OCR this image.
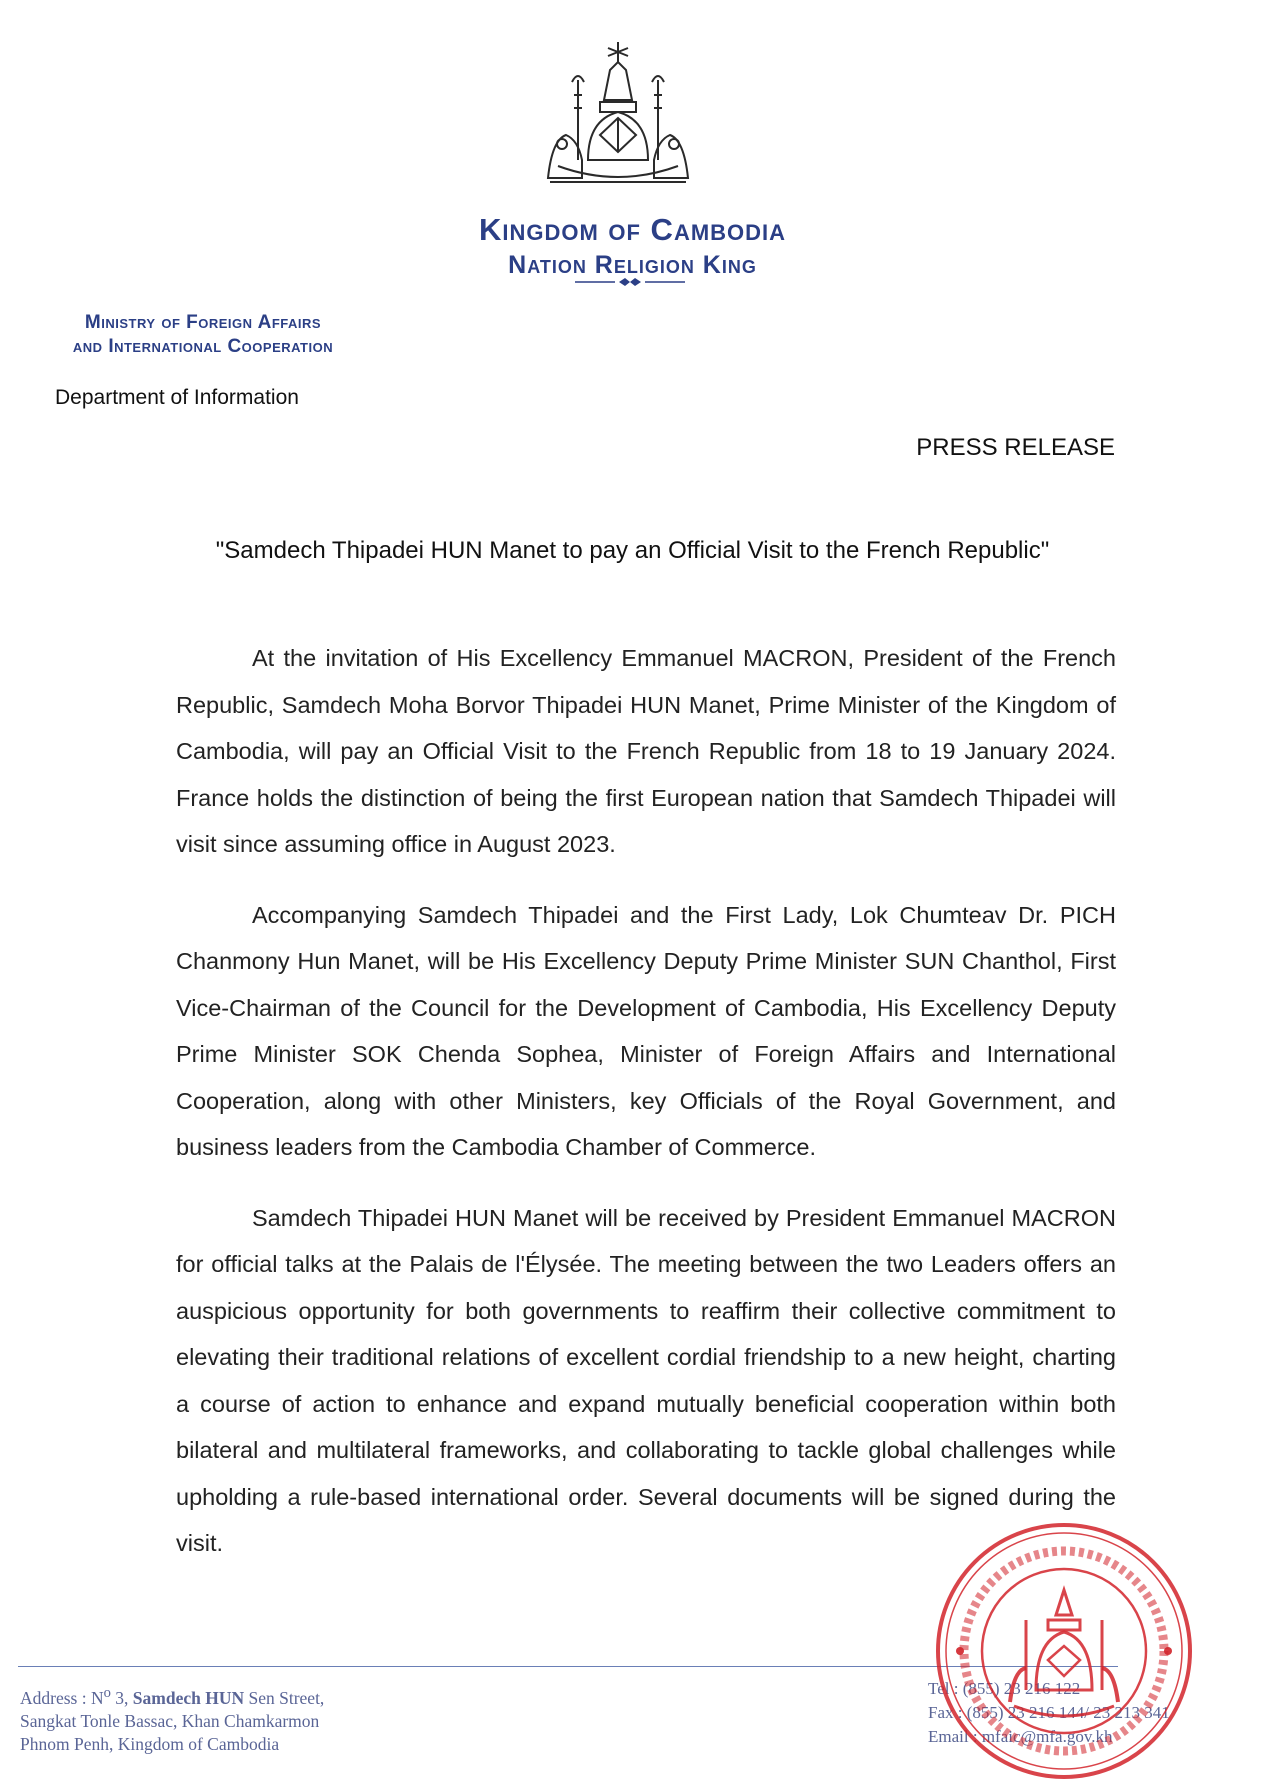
Kingdom of Cambodia
Nation Religion King
Ministry of Foreign Affairs
and International Cooperation
Department of Information
PRESS RELEASE
"Samdech Thipadei HUN Manet to pay an Official Visit to the French Republic"

At the invitation of His Excellency Emmanuel MACRON, President of the French Republic, Samdech Moha Borvor Thipadei HUN Manet, Prime Minister of the Kingdom of Cambodia, will pay an Official Visit to the French Republic from 18 to 19 January 2024. France holds the distinction of being the first European nation that Samdech Thipadei will visit since assuming office in August 2023.

Accompanying Samdech Thipadei and the First Lady, Lok Chumteav Dr. PICH Chanmony Hun Manet, will be His Excellency Deputy Prime Minister SUN Chanthol, First Vice-Chairman of the Council for the Development of Cambodia, His Excellency Deputy Prime Minister SOK Chenda Sophea, Minister of Foreign Affairs and International Cooperation, along with other Ministers, key Officials of the Royal Government, and business leaders from the Cambodia Chamber of Commerce.

Samdech Thipadei HUN Manet will be received by President Emmanuel MACRON for official talks at the Palais de l'Élysée. The meeting between the two Leaders offers an auspicious opportunity for both governments to reaffirm their collective commitment to elevating their traditional relations of excellent cordial friendship to a new height, charting a course of action to enhance and expand mutually beneficial cooperation within both bilateral and multilateral frameworks, and collaborating to tackle global challenges while upholding a rule-based international order. Several documents will be signed during the visit.

Address : $N^o$ 3, Samdech HUN Sen Street,
Sangkat Tonle Bassac, Khan Chamkarmon
Phnom Penh, Kingdom of Cambodia
Tel : (855) 23 216 122
Fax : (855) 23 216 144/ 23 213 341
Email : mfaic@mfa.gov.kh
